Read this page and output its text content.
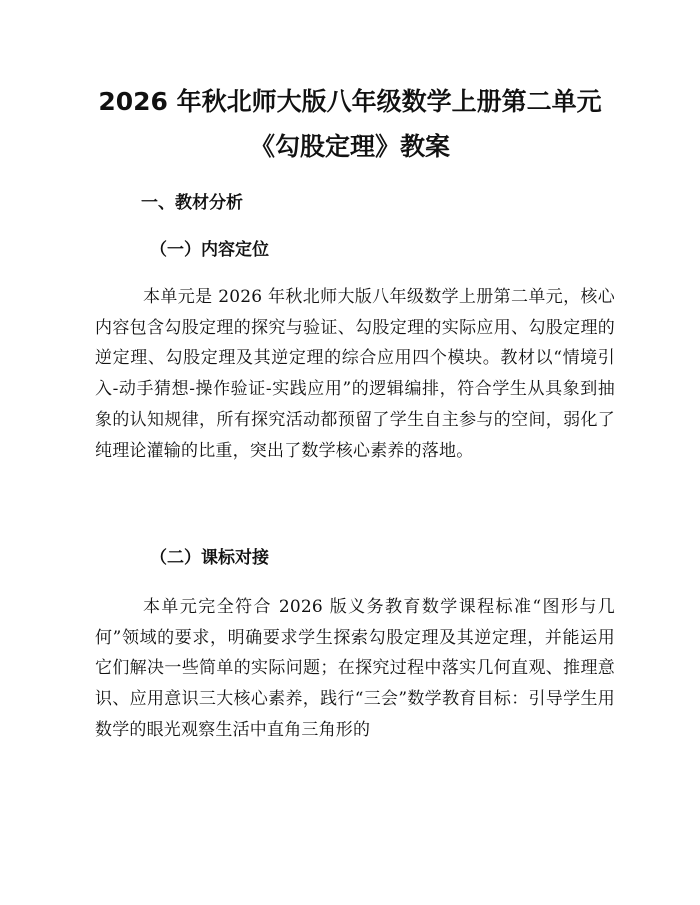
2026 年秋北师大版八年级数学上册第二单元
《勾股定理》教案
一、教材分析
（一）内容定位

本单元是 2026 年秋北师大版八年级数学上册第二单元，核心内容包含勾股定理的探究与验证、勾股定理的实际应用、勾股定理的逆定理、勾股定理及其逆定理的综合应用四个模块。教材以“情境引入-动手猜想-操作验证-实践应用”的逻辑编排，符合学生从具象到抽象的认知规律，所有探究活动都预留了学生自主参与的空间，弱化了纯理论灌输的比重，突出了数学核心素养的落地。

（二）课标对接

本单元完全符合 2026 版义务教育数学课程标准“图形与几何”领域的要求，明确要求学生探索勾股定理及其逆定理，并能运用它们解决一些简单的实际问题；在探究过程中落实几何直观、推理意识、应用意识三大核心素养，践行“三会”数学教育目标：引导学生用数学的眼光观察生活中直角三角形的
